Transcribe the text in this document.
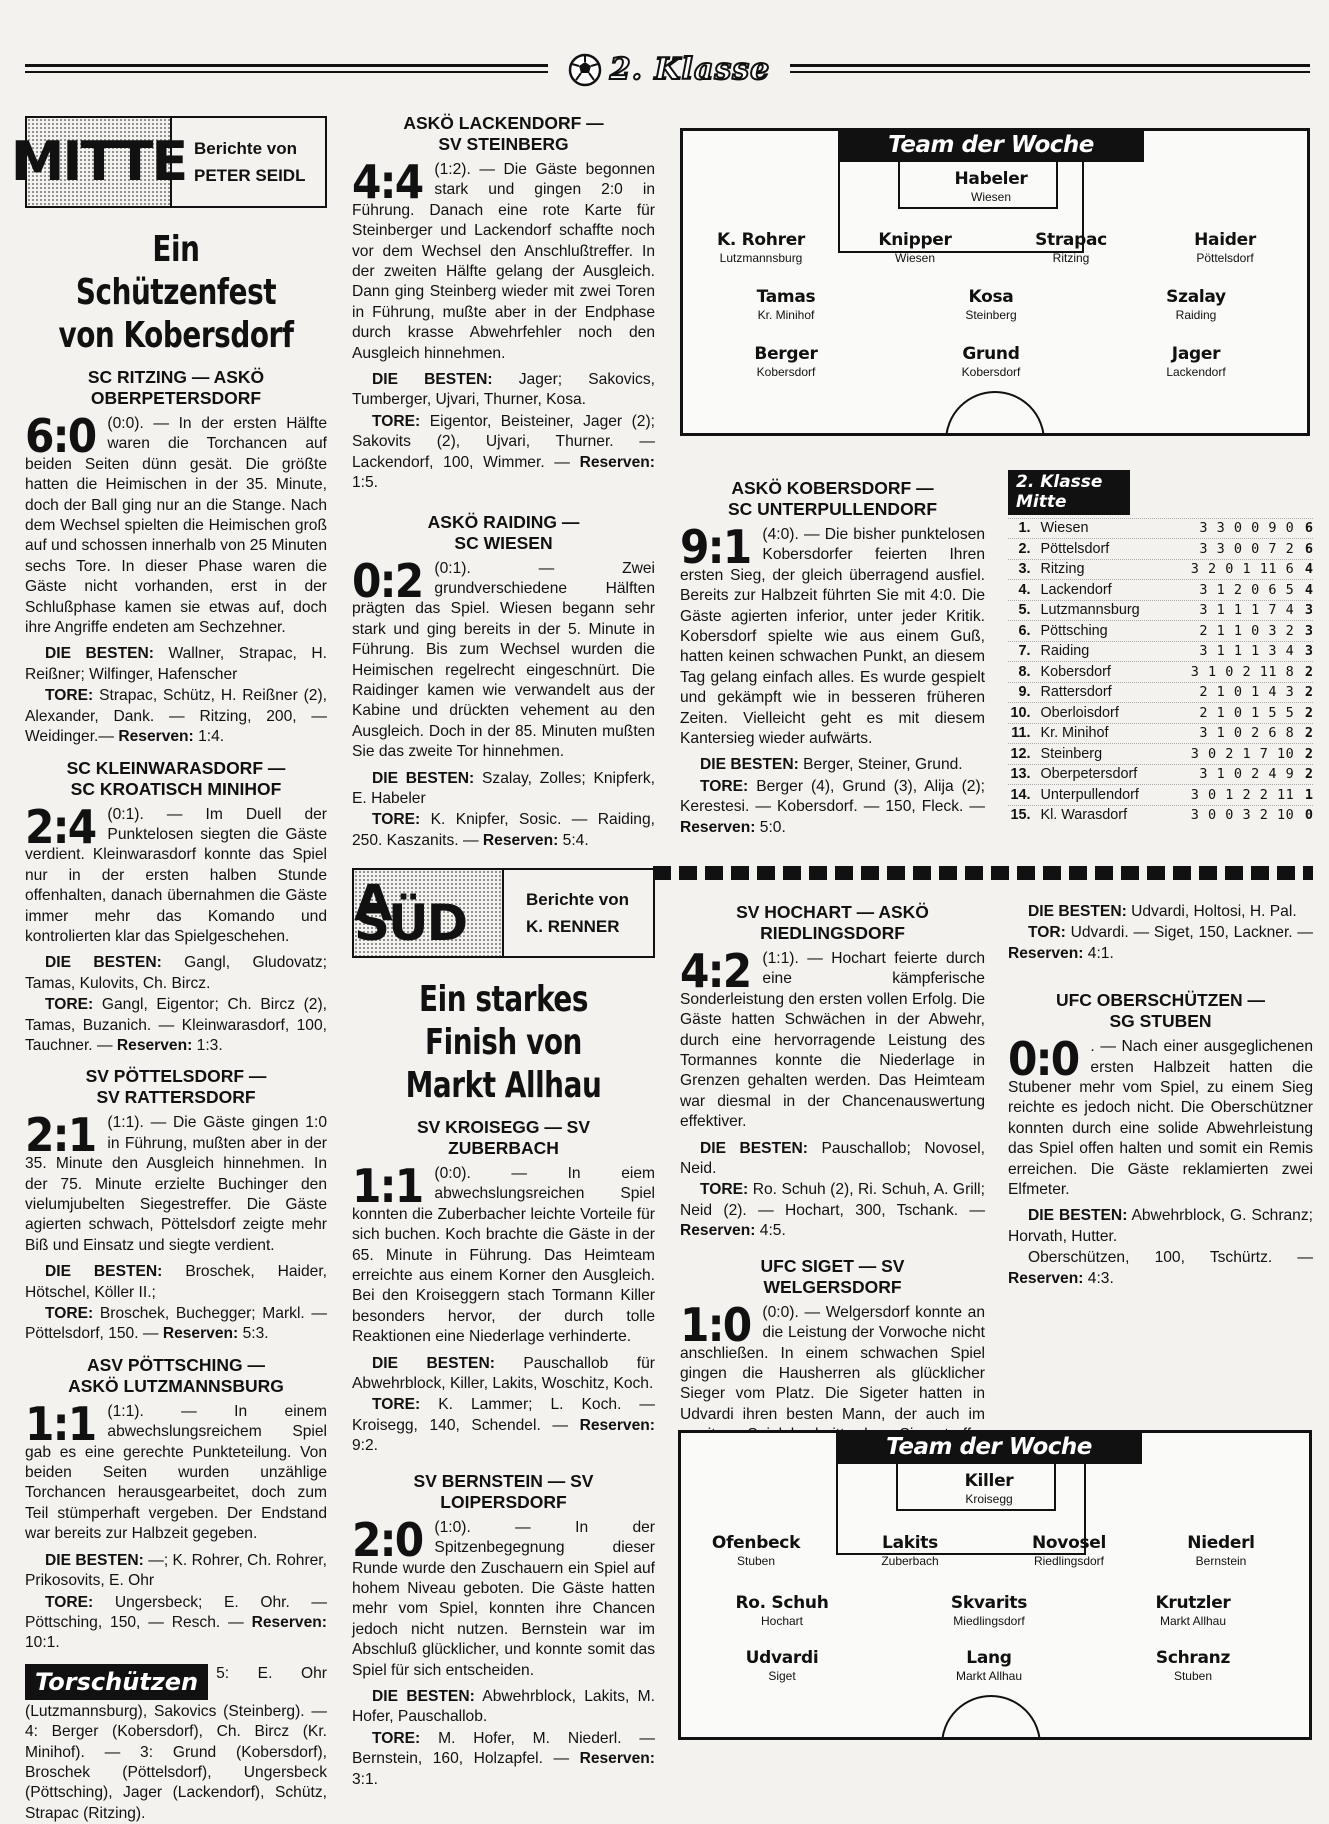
2. Klasse
MITTE Berichte von
PETER SEIDL
Ein Schützenfest von Kobersdorf
SC RITZING — ASKÖ OBERPETERSDORF
6:0 (0:0). — In der ersten Hälfte waren die Torchancen auf beiden Seiten dünn gesät. Die größte hatten die Heimischen in der 35. Minute, doch der Ball ging nur an die Stange. Nach dem Wechsel spielten die Heimischen groß auf und schossen innerhalb von 25 Minuten sechs Tore. In dieser Phase waren die Gäste nicht vorhanden, erst in der Schlußphase kamen sie etwas auf, doch ihre Angriffe endeten am Sechzehner.

DIE BESTEN: Wallner, Strapac, H. Reißner; Wilfinger, Hafenscher

TORE: Strapac, Schütz, H. Reißner (2), Alexander, Dank. — Ritzing, 200, — Weidinger.— Reserven: 1:4.

SC KLEINWARASDORF — SC KROATISCH MINIHOF
2:4 (0:1). — Im Duell der Punktelosen siegten die Gäste verdient. Kleinwarasdorf konnte das Spiel nur in der ersten halben Stunde offenhalten, danach übernahmen die Gäste immer mehr das Komando und kontrolierten klar das Spielgeschehen.

DIE BESTEN: Gangl, Gludovatz; Tamas, Kulovits, Ch. Bircz.

TORE: Gangl, Eigentor; Ch. Bircz (2), Tamas, Buzanich. — Kleinwarasdorf, 100, Tauchner. — Reserven: 1:3.

SV PÖTTELSDORF — SV RATTERSDORF
2:1 (1:1). — Die Gäste gingen 1:0 in Führung, mußten aber in der 35. Minute den Ausgleich hinnehmen. In der 75. Minute erzielte Buchinger den vielumjubelten Siegestreffer. Die Gäste agierten schwach, Pöttelsdorf zeigte mehr Biß und Einsatz und siegte verdient.

DIE BESTEN: Broschek, Haider, Hötschel, Köller II.;

TORE: Broschek, Buchegger; Markl. — Pöttelsdorf, 150. — Reserven: 5:3.

ASV PÖTTSCHING — ASKÖ LUTZMANNSBURG
1:1 (1:1). — In einem abwechslungsreichem Spiel gab es eine gerechte Punkteteilung. Von beiden Seiten wurden unzählige Torchancen herausgearbeitet, doch zum Teil stümperhaft vergeben. Der Endstand war bereits zur Halbzeit gegeben.

DIE BESTEN: —; K. Rohrer, Ch. Rohrer, Prikosovits, E. Ohr

TORE: Ungersbeck; E. Ohr. — Pöttsching, 150, — Resch. — Reserven: 10:1.

Torschützen	5: E. Ohr (Lutzmannsburg), Sakovics (Steinberg). — 4: Berger (Kobersdorf), Ch. Bircz (Kr. Minihof). — 3: Grund (Kobersdorf), Broschek (Pöttelsdorf), Ungersbeck (Pöttsching), Jager (Lackendorf), Schütz, Strapac (Ritzing).
ASKÖ LACKENDORF — SV STEINBERG
4:4 (1:2). — Die Gäste begonnen stark und gingen 2:0 in Führung. Danach eine rote Karte für Steinberger und Lackendorf schaffte noch vor dem Wechsel den Anschlußtreffer. In der zweiten Hälfte gelang der Ausgleich. Dann ging Steinberg wieder mit zwei Toren in Führung, mußte aber in der Endphase durch krasse Abwehrfehler noch den Ausgleich hinnehmen.

DIE BESTEN: Jager; Sakovics, Tumberger, Ujvari, Thurner, Kosa.

TORE: Eigentor, Beisteiner, Jager (2); Sakovits (2), Ujvari, Thurner. — Lackendorf, 100, Wimmer. — Reserven: 1:5.

ASKÖ RAIDING — SC WIESEN
0:2 (0:1). — Zwei grundverschiedene Hälften prägten das Spiel. Wiesen begann sehr stark und ging bereits in der 5. Minute in Führung. Bis zum Wechsel wurden die Heimischen regelrecht eingeschnürt. Die Raidinger kamen wie verwandelt aus der Kabine und drückten vehement au den Ausgleich. Doch in der 85. Minuten mußten Sie das zweite Tor hinnehmen.

DIE BESTEN: Szalay, Zolles; Knipferk, E. Habeler

TORE: K. Knipfer, Sosic. — Raiding, 250. Kaszanits. — Reserven: 5:4.

Team der Woche
Habeler
Wiesen
K. Rohrer
Lutzmannsburg
Knipper
Wiesen
Strapac
Ritzing
Haider
Pöttelsdorf
Tamas
Kr. Minihof
Kosa
Steinberg
Szalay
Raiding
Berger
Kobersdorf
Grund
Kobersdorf
Jager
Lackendorf
ASKÖ KOBERSDORF — SC UNTERPULLENDORF
9:1 (4:0). — Die bisher punktelosen Kobersdorfer feierten Ihren ersten Sieg, der gleich überragend ausfiel. Bereits zur Halbzeit führten Sie mit 4:0. Die Gäste agierten inferior, unter jeder Kritik. Kobersdorf spielte wie aus einem Guß, hatten keinen schwachen Punkt, an diesem Tag gelang einfach alles. Es wurde gespielt und gekämpft wie in besseren früheren Zeiten. Vielleicht geht es mit diesem Kantersieg wieder aufwärts.

DIE BESTEN: Berger, Steiner, Grund.

TORE: Berger (4), Grund (3), Alija (2); Kerestesi. — Kobersdorf. — 150, Fleck. — Reserven: 5:0.

2. Klasse Mitte
1. Wiesen	3 3 0 0 9 0 6
2. Pöttelsdorf	3 3 0 0 7 2 6
3. Ritzing	3 2 0 1 11 6 4
4. Lackendorf	3 1 2 0 6 5 4
5. Lutzmannsburg	3 1 1 1 7 4 3
6. Pöttsching	2 1 1 0 3 2 3
7. Raiding	3 1 1 1 3 4 3
8. Kobersdorf	3 1 0 2 11 8 2
9. Rattersdorf	2 1 0 1 4 3 2
10. Oberloisdorf	2 1 0 1 5 5 2
11. Kr. Minihof	3 1 0 2 6 8 2
12. Steinberg	3 0 2 1 7 10 2
13. Oberpetersdorf	3 1 0 2 4 9 2
14. Unterpullendorf	3 0 1 2 2 11 1
15. Kl. Warasdorf	3 0 0 3 2 10 0
A SÜD	Berichte von
K. RENNER
Ein starkes Finish von Markt Allhau
SV KROISEGG — SV ZUBERBACH
1:1 (0:0). — In eiem abwechslungsreichen Spiel konnten die Zuberbacher leichte Vorteile für sich buchen. Koch brachte die Gäste in der 65. Minute in Führung. Das Heimteam erreichte aus einem Korner den Ausgleich. Bei den Kroiseggern stach Tormann Killer besonders hervor, der durch tolle Reaktionen eine Niederlage verhinderte.

DIE BESTEN: Pauschallob für Abwehrblock, Killer, Lakits, Woschitz, Koch.

TORE: K. Lammer; L. Koch. — Kroisegg, 140, Schendel. — Reserven: 9:2.

SV BERNSTEIN — SV LOIPERSDORF
2:0 (1:0). — In der Spitzenbegegnung dieser Runde wurde den Zuschauern ein Spiel auf hohem Niveau geboten. Die Gäste hatten mehr vom Spiel, konnten ihre Chancen jedoch nicht nutzen. Bernstein war im Abschluß glücklicher, und konnte somit das Spiel für sich entscheiden.

DIE BESTEN: Abwehrblock, Lakits, M. Hofer, Pauschallob.

TORE: M. Hofer, M. Niederl. — Bernstein, 160, Holzapfel. — Reserven: 3:1.

SV HOCHART — ASKÖ RIEDLINGSDORF
4:2 (1:1). — Hochart feierte durch eine kämpferische Sonderleistung den ersten vollen Erfolg. Die Gäste hatten Schwächen in der Abwehr, durch eine hervorragende Leistung des Tormannes konnte die Niederlage in Grenzen gehalten werden. Das Heimteam war diesmal in der Chancenauswertung effektiver.

DIE BESTEN: Pauschallob; Novosel, Neid.

TORE: Ro. Schuh (2), Ri. Schuh, A. Grill; Neid (2). — Hochart, 300, Tschank. — Reserven: 4:5.

UFC SIGET — SV WELGERSDORF
1:0 (0:0). — Welgersdorf konnte an die Leistung der Vorwoche nicht anschließen. In einem schwachen Spiel gingen die Hausherren als glücklicher Sieger vom Platz. Die Sigeter hatten in Udvardi ihren besten Mann, der auch im

DIE BESTEN: Udvardi, Holtosi, H. Pal.

TOR: Udvardi. — Siget, 150, Lackner. — Reserven: 4:1.

UFC OBERSCHÜTZEN — SG STUBEN
0:0 . — Nach einer ausgeglichenen ersten Halbzeit hatten die Stubener mehr vom Spiel, zu einem Sieg reichte es jedoch nicht. Die Oberschützner konnten durch eine solide Abwehrleistung das Spiel offen halten und somit ein Remis erreichen. Die Gäste reklamierten zwei Elfmeter.

DIE BESTEN: Abwehrblock, G. Schranz; Horvath, Hutter.

Oberschützen, 100, Tschürtz. — Reserven: 4:3.

Team der Woche
Killer
Kroisegg
Ofenbeck
Stuben
Lakits
Zuberbach
Novosel
Riedlingsdorf
Niederl
Bernstein
Ro. Schuh
Hochart
Skvarits
Miedlingsdorf
Krutzler
Markt Allhau
Udvardi
Siget
Lang
Markt Allhau
Schranz
Stuben
